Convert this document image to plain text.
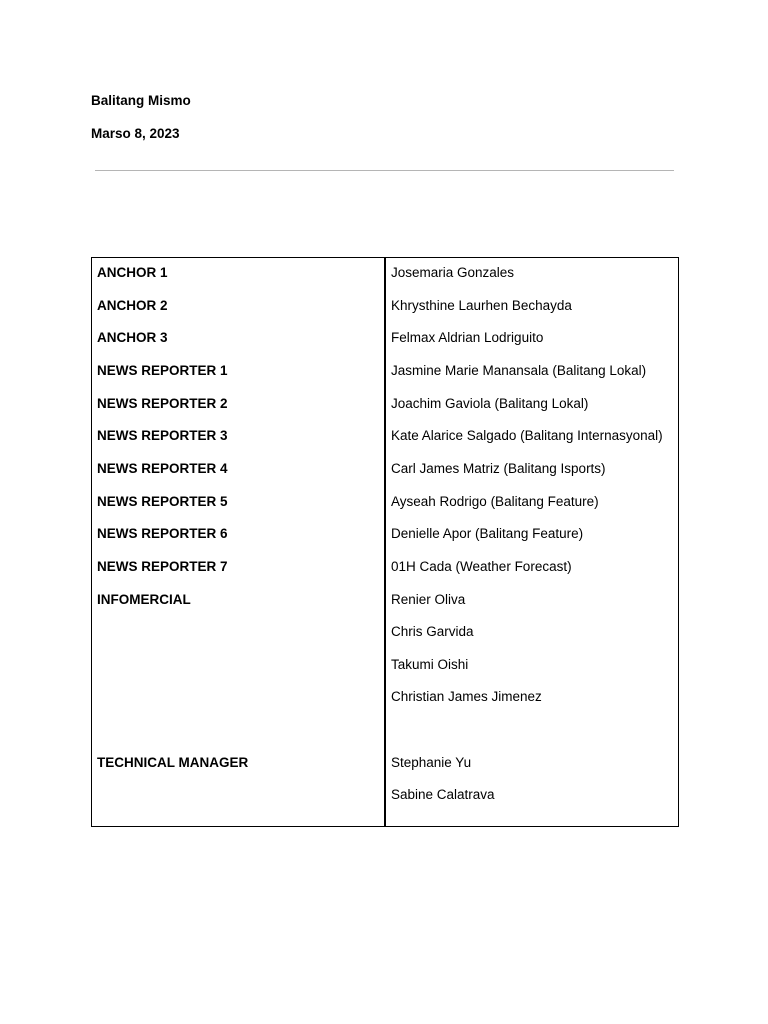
Balitang Mismo
Marso 8, 2023
ANCHOR 1	Josemaria Gonzales
ANCHOR 2	Khrysthine Laurhen Bechayda
ANCHOR 3	Felmax Aldrian Lodriguito
NEWS REPORTER 1	Jasmine Marie Manansala (Balitang Lokal)
NEWS REPORTER 2	Joachim Gaviola (Balitang Lokal)
NEWS REPORTER 3	Kate Alarice Salgado (Balitang Internasyonal)
NEWS REPORTER 4	Carl James Matriz (Balitang Isports)
NEWS REPORTER 5	Ayseah Rodrigo (Balitang Feature)
NEWS REPORTER 6	Denielle Apor (Balitang Feature)
NEWS REPORTER 7	01H Cada (Weather Forecast)
INFOMERCIAL	Renier Oliva
Chris Garvida
Takumi Oishi
Christian James Jimenez
TECHNICAL MANAGER	Stephanie Yu
Sabine Calatrava
